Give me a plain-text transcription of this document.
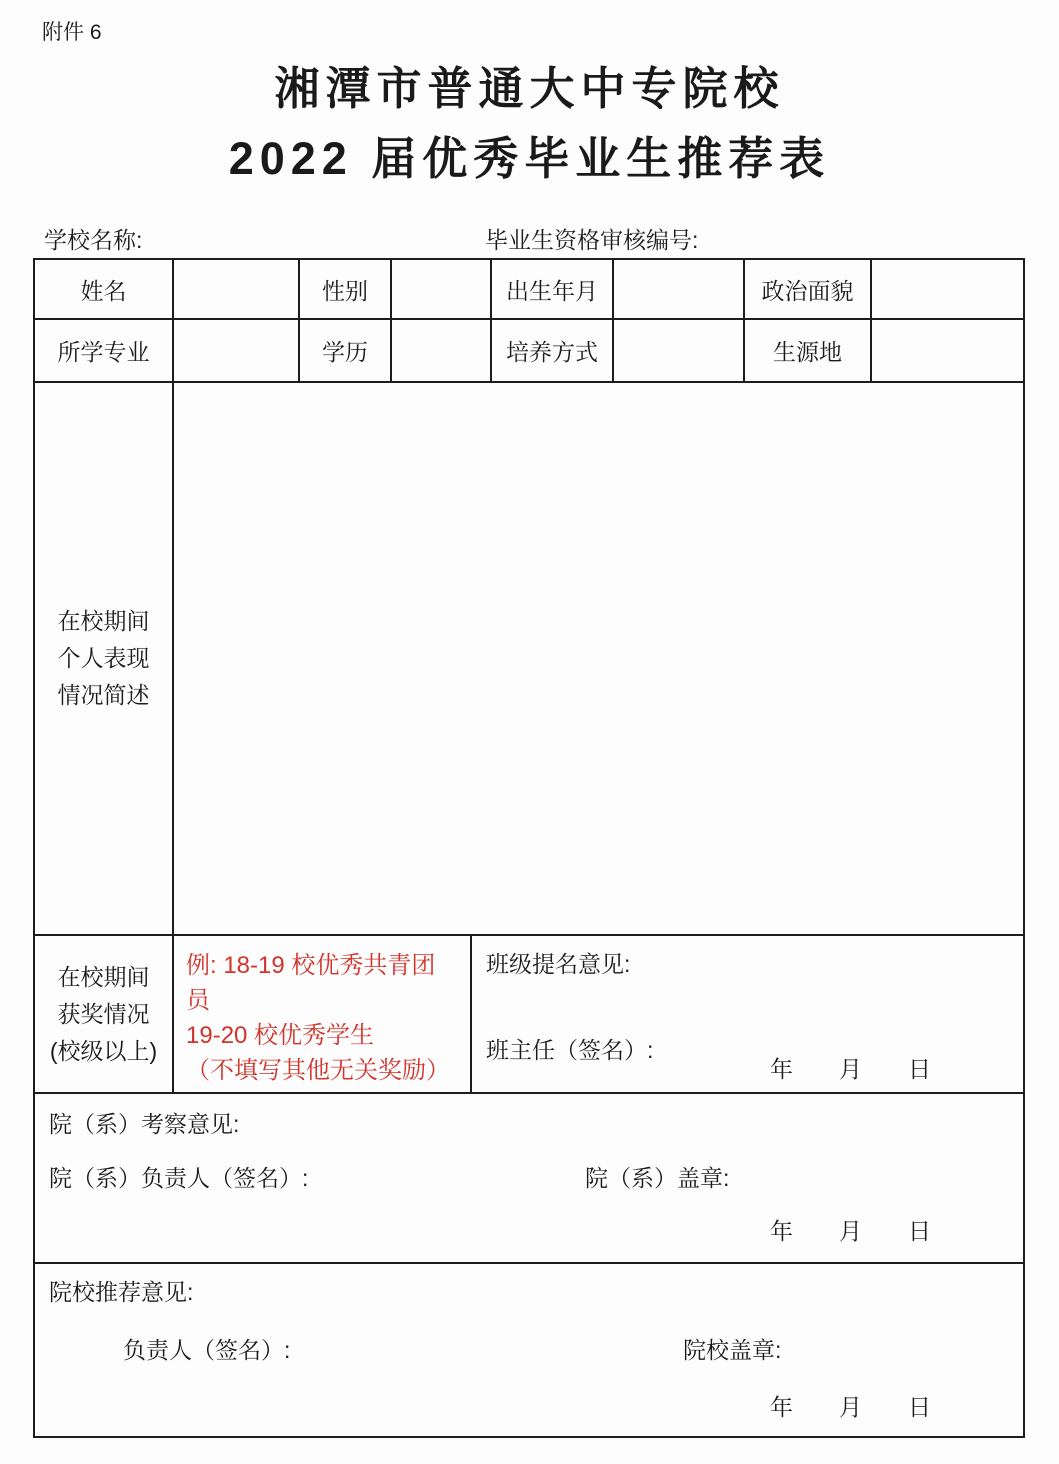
附件 6
湘潭市普通大中专院校
2022 届优秀毕业生推荐表
学校名称:	毕业生资格审核编号:
姓名	性别	出生年月	政治面貌
所学专业	学历	培养方式	生源地
在校期间
个人表现
情况简述
在校期间
获奖情况
(校级以上)
例: 18-19 校优秀共青团员
19-20 校优秀学生
（不填写其他无关奖励）
班级提名意见:
班主任（签名）:
年　　月　　日
院（系）考察意见:
院（系）负责人（签名）:	院（系）盖章:
年　　月　　日
院校推荐意见:
负责人（签名）:	院校盖章:
年　　月　　日
